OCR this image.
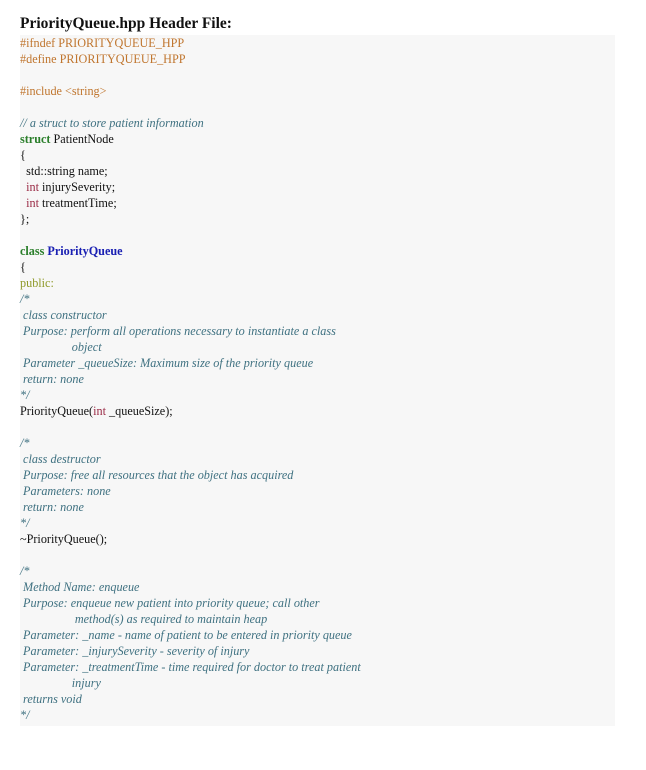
PriorityQueue.hpp Header File:
#ifndef PRIORITYQUEUE_HPP
#define PRIORITYQUEUE_HPP
#include <string>
// a struct to store patient information
struct PatientNode
{
std::string name;
int injurySeverity;
int treatmentTime;
};
class PriorityQueue
{
public:
/*
class constructor
Purpose: perform all operations necessary to instantiate a class
object
Parameter _queueSize: Maximum size of the priority queue
return: none
*/
PriorityQueue(int _queueSize);
/*
class destructor
Purpose: free all resources that the object has acquired
Parameters: none
return: none
*/
~PriorityQueue();
/*
Method Name: enqueue
Purpose: enqueue new patient into priority queue; call other
method(s) as required to maintain heap
Parameter: _name - name of patient to be entered in priority queue
Parameter: _injurySeverity - severity of injury
Parameter: _treatmentTime - time required for doctor to treat patient
injury
returns void
*/
